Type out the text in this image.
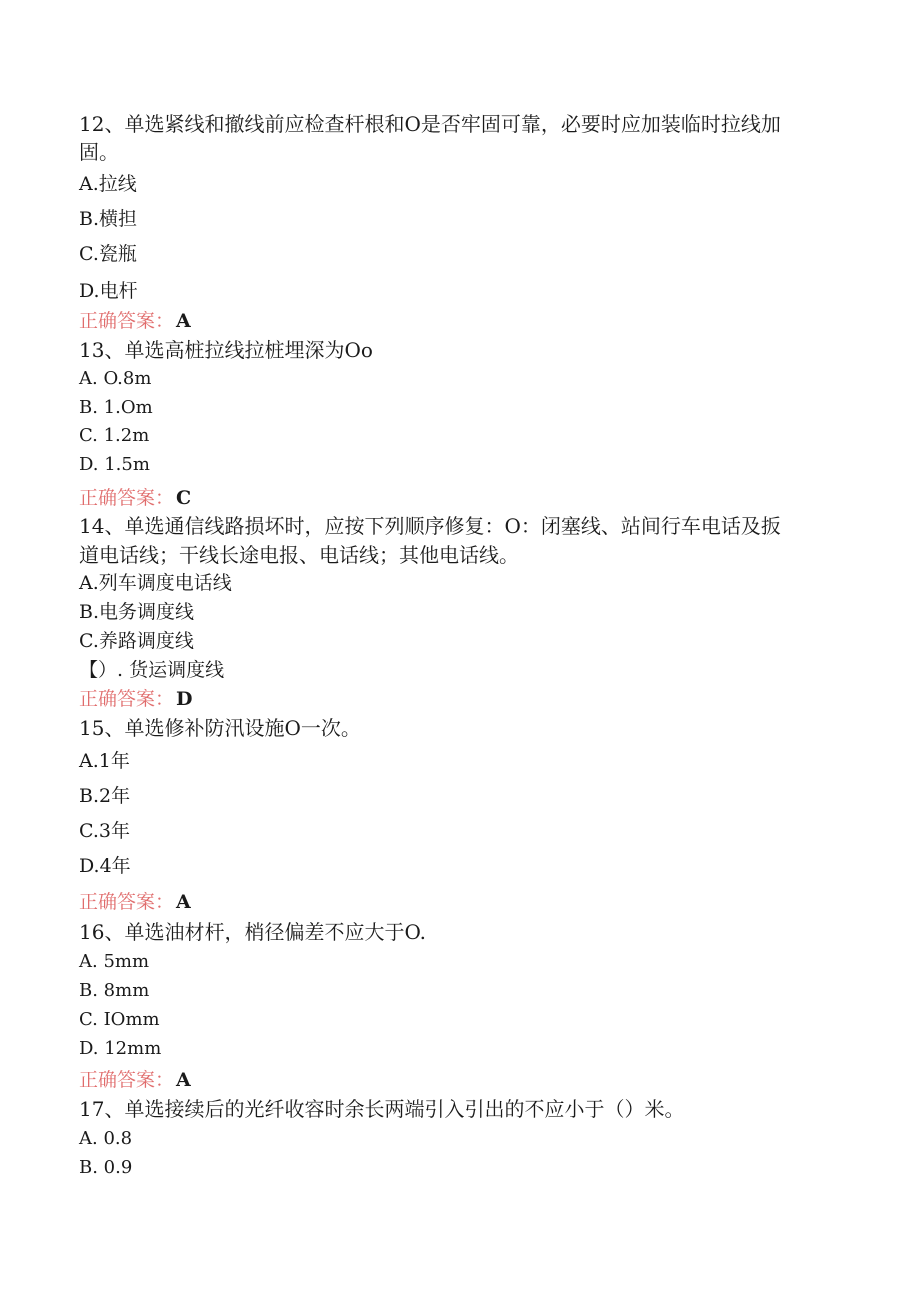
12、单选紧线和撤线前应检查杆根和O是否牢固可靠，必要时应加装临时拉线加
固。
A.拉线
B.横担
C.瓷瓶
D.电杆
正确答案： A
13、单选高桩拉线拉桩埋深为Oo
A. O.8m
B. 1.Om
C. 1.2m
D. 1.5m
正确答案： C
14、单选通信线路损坏时，应按下列顺序修复：O：闭塞线、站间行车电话及扳
道电话线；干线长途电报、电话线；其他电话线。
A.列车调度电话线
B.电务调度线
C.养路调度线
【）. 货运调度线
正确答案： D
15、单选修补防汛设施O一次。
A.1年
B.2年
C.3年
D.4年
正确答案： A
16、单选油材杆，梢径偏差不应大于O.
A. 5mm
B. 8mm
C. IOmm
D. 12mm
正确答案： A
17、单选接续后的光纤收容时余长两端引入引出的不应小于（）米。
A. 0.8
B. 0.9
